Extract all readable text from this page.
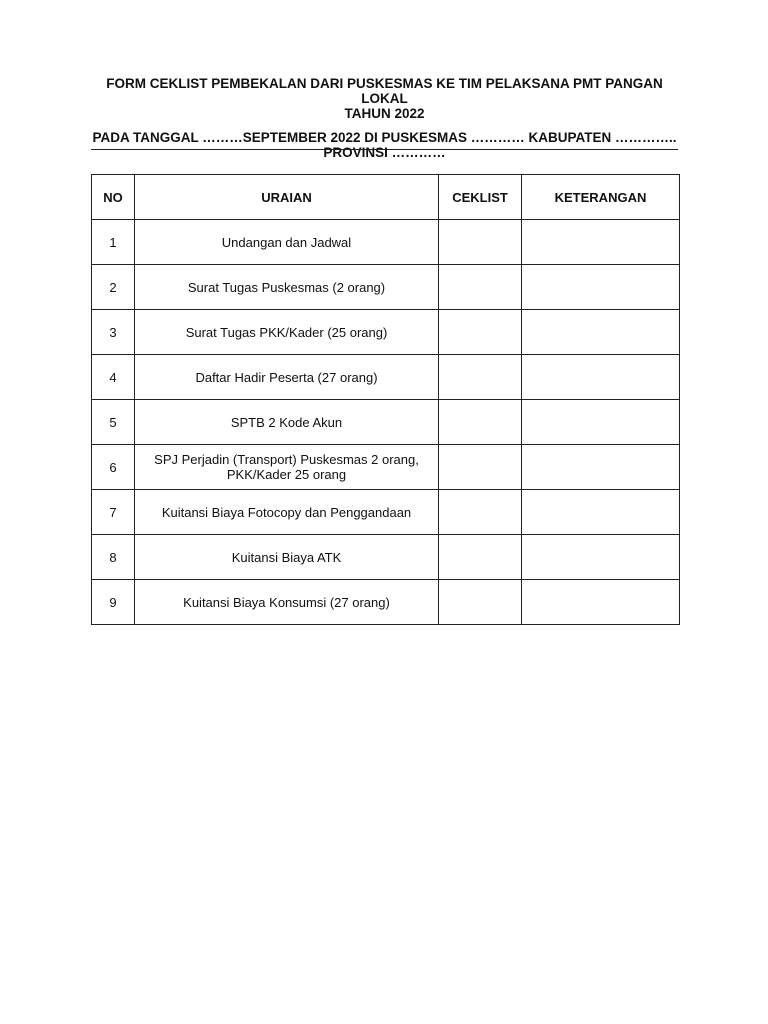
FORM CEKLIST PEMBEKALAN DARI PUSKESMAS KE TIM PELAKSANA PMT PANGAN LOKAL
TAHUN 2022
PADA TANGGAL ………SEPTEMBER 2022 DI PUSKESMAS ………… KABUPATEN …………..
PROVINSI …………
NO	URAIAN	CEKLIST	KETERANGAN
1	Undangan dan Jadwal		
2	Surat Tugas Puskesmas (2 orang)		
3	Surat Tugas PKK/Kader (25 orang)		
4	Daftar Hadir Peserta (27 orang)		
5	SPTB 2 Kode Akun		
6	SPJ Perjadin (Transport) Puskesmas 2 orang, PKK/Kader 25 orang		
7	Kuitansi Biaya Fotocopy dan Penggandaan		
8	Kuitansi Biaya ATK		
9	Kuitansi Biaya Konsumsi (27 orang)		
